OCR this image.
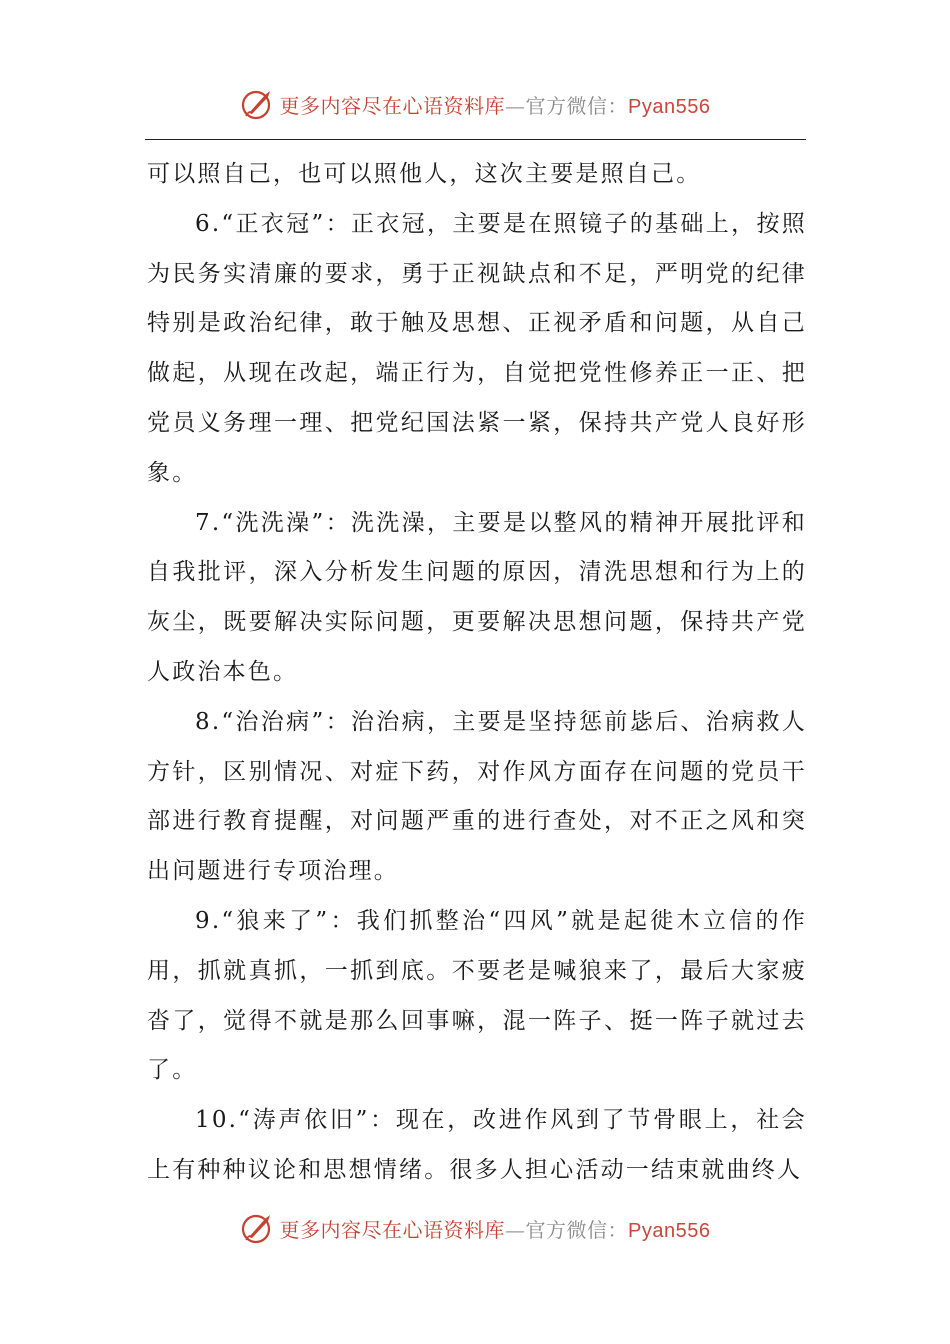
更多内容尽在心语资料库—官方微信：Pyan556

可以照自己，也可以照他人，这次主要是照自己。

6.“正衣冠”：正衣冠，主要是在照镜子的基础上，按照为民务实清廉的要求，勇于正视缺点和不足，严明党的纪律特别是政治纪律，敢于触及思想、正视矛盾和问题，从自己做起，从现在改起，端正行为，自觉把党性修养正一正、把党员义务理一理、把党纪国法紧一紧，保持共产党人良好形象。

7.“洗洗澡”：洗洗澡，主要是以整风的精神开展批评和自我批评，深入分析发生问题的原因，清洗思想和行为上的灰尘，既要解决实际问题，更要解决思想问题，保持共产党人政治本色。

8.“治治病”：治治病，主要是坚持惩前毖后、治病救人方针，区别情况、对症下药，对作风方面存在问题的党员干部进行教育提醒，对问题严重的进行查处，对不正之风和突出问题进行专项治理。

9.“狼来了”：我们抓整治“四风”就是起徙木立信的作用，抓就真抓，一抓到底。不要老是喊狼来了，最后大家疲沓了，觉得不就是那么回事嘛，混一阵子、挺一阵子就过去了。

10.“涛声依旧”：现在，改进作风到了节骨眼上，社会上有种种议论和思想情绪。很多人担心活动一结束就曲终人

更多内容尽在心语资料库—官方微信：Pyan556
